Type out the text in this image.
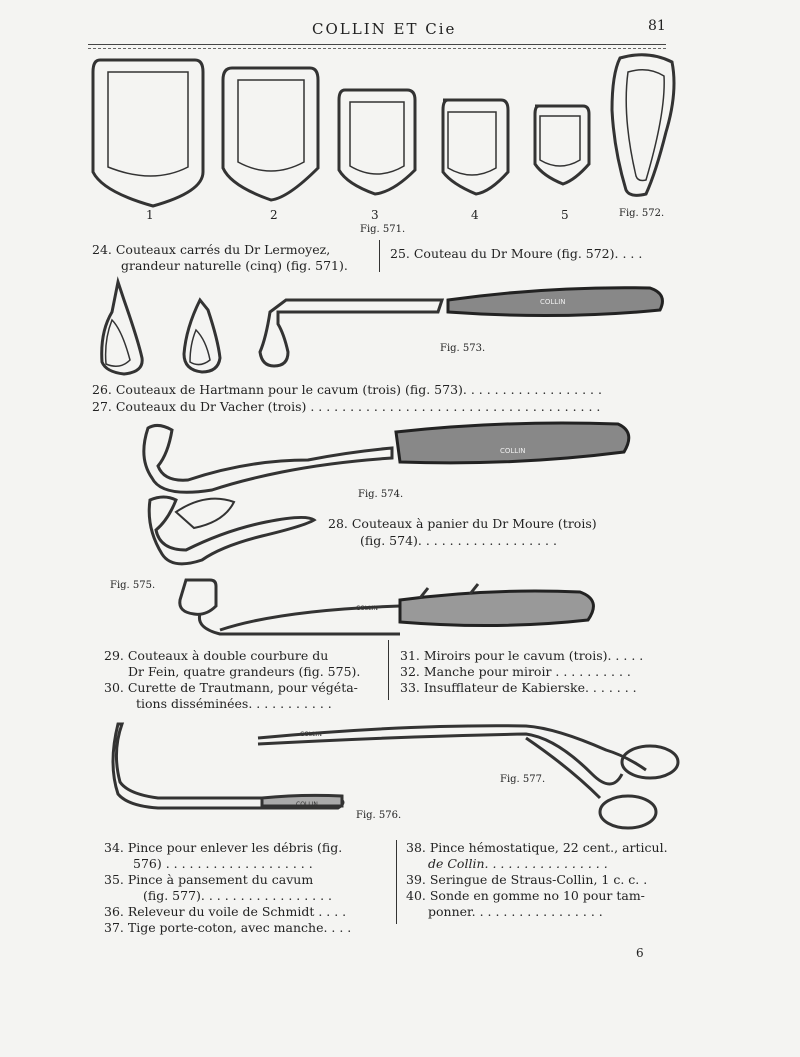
COLLIN ET Cie	81
1	2	3	4	5
Fig. 571.
Fig. 572.
24. Couteaux carrés du Dr Lermoyez,
grandeur naturelle (cinq) (fig. 571).
25. Couteau du Dr Moure (fig. 572). . . .
COLLIN
Fig. 573.
26. Couteaux de Hartmann pour le cavum (trois) (fig. 573). . . . . . . . . . . . . . . . . .
27. Couteaux du Dr Vacher (trois) . . . . . . . . . . . . . . . . . . . . . . . . . . . . . . . . . . . . .
COLLIN
Fig. 574.
28. Couteaux à panier du Dr Moure (trois)
(fig. 574). . . . . . . . . . . . . . . . . .
COLLIN
Fig. 575.
29. Couteaux à double courbure du
Dr Fein, quatre grandeurs (fig. 575).
30. Curette de Trautmann, pour végéta-
tions disséminées. . . . . . . . . . .
31. Miroirs pour le cavum (trois). . . . .
32. Manche pour miroir . . . . . . . . . .
33. Insufflateur de Kabierske. . . . . . .
COLLIN
COLLIN
Fig. 577.
Fig. 576.
34. Pince pour enlever les débris (fig.
576) . . . . . . . . . . . . . . . . . . .
35. Pince à pansement du cavum
(fig. 577). . . . . . . . . . . . . . . . .
36. Releveur du voile de Schmidt . . . .
37. Tige porte-coton, avec manche. . . .
38. Pince hémostatique, 22 cent., articul.
de Collin. . . . . . . . . . . . . . . .
39. Seringue de Straus-Collin, 1 c. c. .
40. Sonde en gomme no 10 pour tam-
ponner. . . . . . . . . . . . . . . . .
6
